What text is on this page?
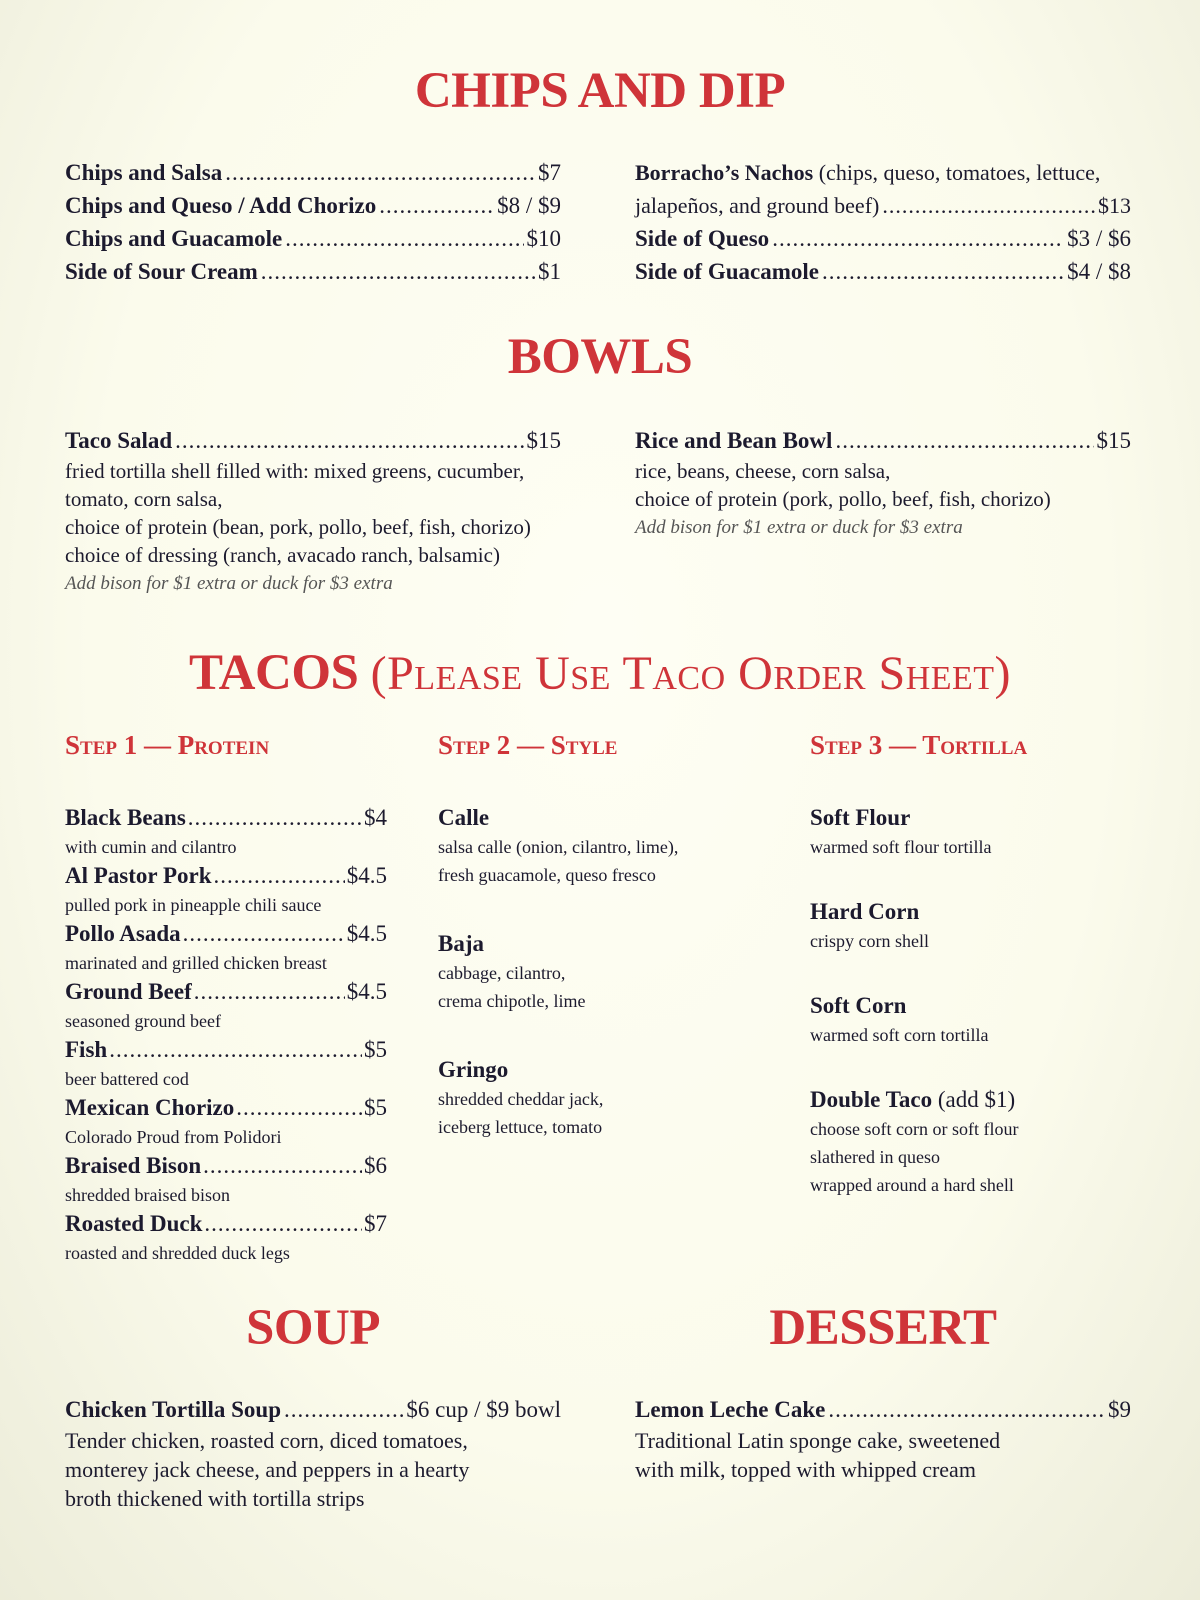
CHIPS AND DIP
Chips and Salsa .....	$7
Chips and Queso / Add Chorizo .....	$8 / $9
Chips and Guacamole .....	$10
Side of Sour Cream .....	$1
Borracho’s Nachos (chips, queso, tomatoes, lettuce,
jalapeños, and ground beef) .....	$13
Side of Queso .....	$3 / $6
Side of Guacamole .....	$4 / $8
BOWLS
Taco Salad .....	$15
fried tortilla shell filled with: mixed greens, cucumber,
tomato, corn salsa,
choice of protein (bean, pork, pollo, beef, fish, chorizo)
choice of dressing (ranch, avacado ranch, balsamic)
Add bison for $1 extra or duck for $3 extra
Rice and Bean Bowl .....	$15
rice, beans, cheese, corn salsa,
choice of protein (pork, pollo, beef, fish, chorizo)
Add bison for $1 extra or duck for $3 extra
TACOS (Please Use Taco Order Sheet)
Step 1 — Protein
Black Beans .....	$4
with cumin and cilantro
Al Pastor Pork .....	$4.5
pulled pork in pineapple chili sauce
Pollo Asada .....	$4.5
marinated and grilled chicken breast
Ground Beef .....	$4.5
seasoned ground beef
Fish .....	$5
beer battered cod
Mexican Chorizo .....	$5
Colorado Proud from Polidori
Braised Bison .....	$6
shredded braised bison
Roasted Duck .....	$7
roasted and shredded duck legs
Step 2 — Style
Calle
salsa calle (onion, cilantro, lime),
fresh guacamole, queso fresco
Baja
cabbage, cilantro,
crema chipotle, lime
Gringo
shredded cheddar jack,
iceberg lettuce, tomato
Step 3 — Tortilla
Soft Flour
warmed soft flour tortilla
Hard Corn
crispy corn shell
Soft Corn
warmed soft corn tortilla
Double Taco (add $1)
choose soft corn or soft flour
slathered in queso
wrapped around a hard shell
SOUP
Chicken Tortilla Soup .....	$6 cup / $9 bowl
Tender chicken, roasted corn, diced tomatoes,
monterey jack cheese, and peppers in a hearty
broth thickened with tortilla strips
DESSERT
Lemon Leche Cake .....	$9
Traditional Latin sponge cake, sweetened
with milk, topped with whipped cream
